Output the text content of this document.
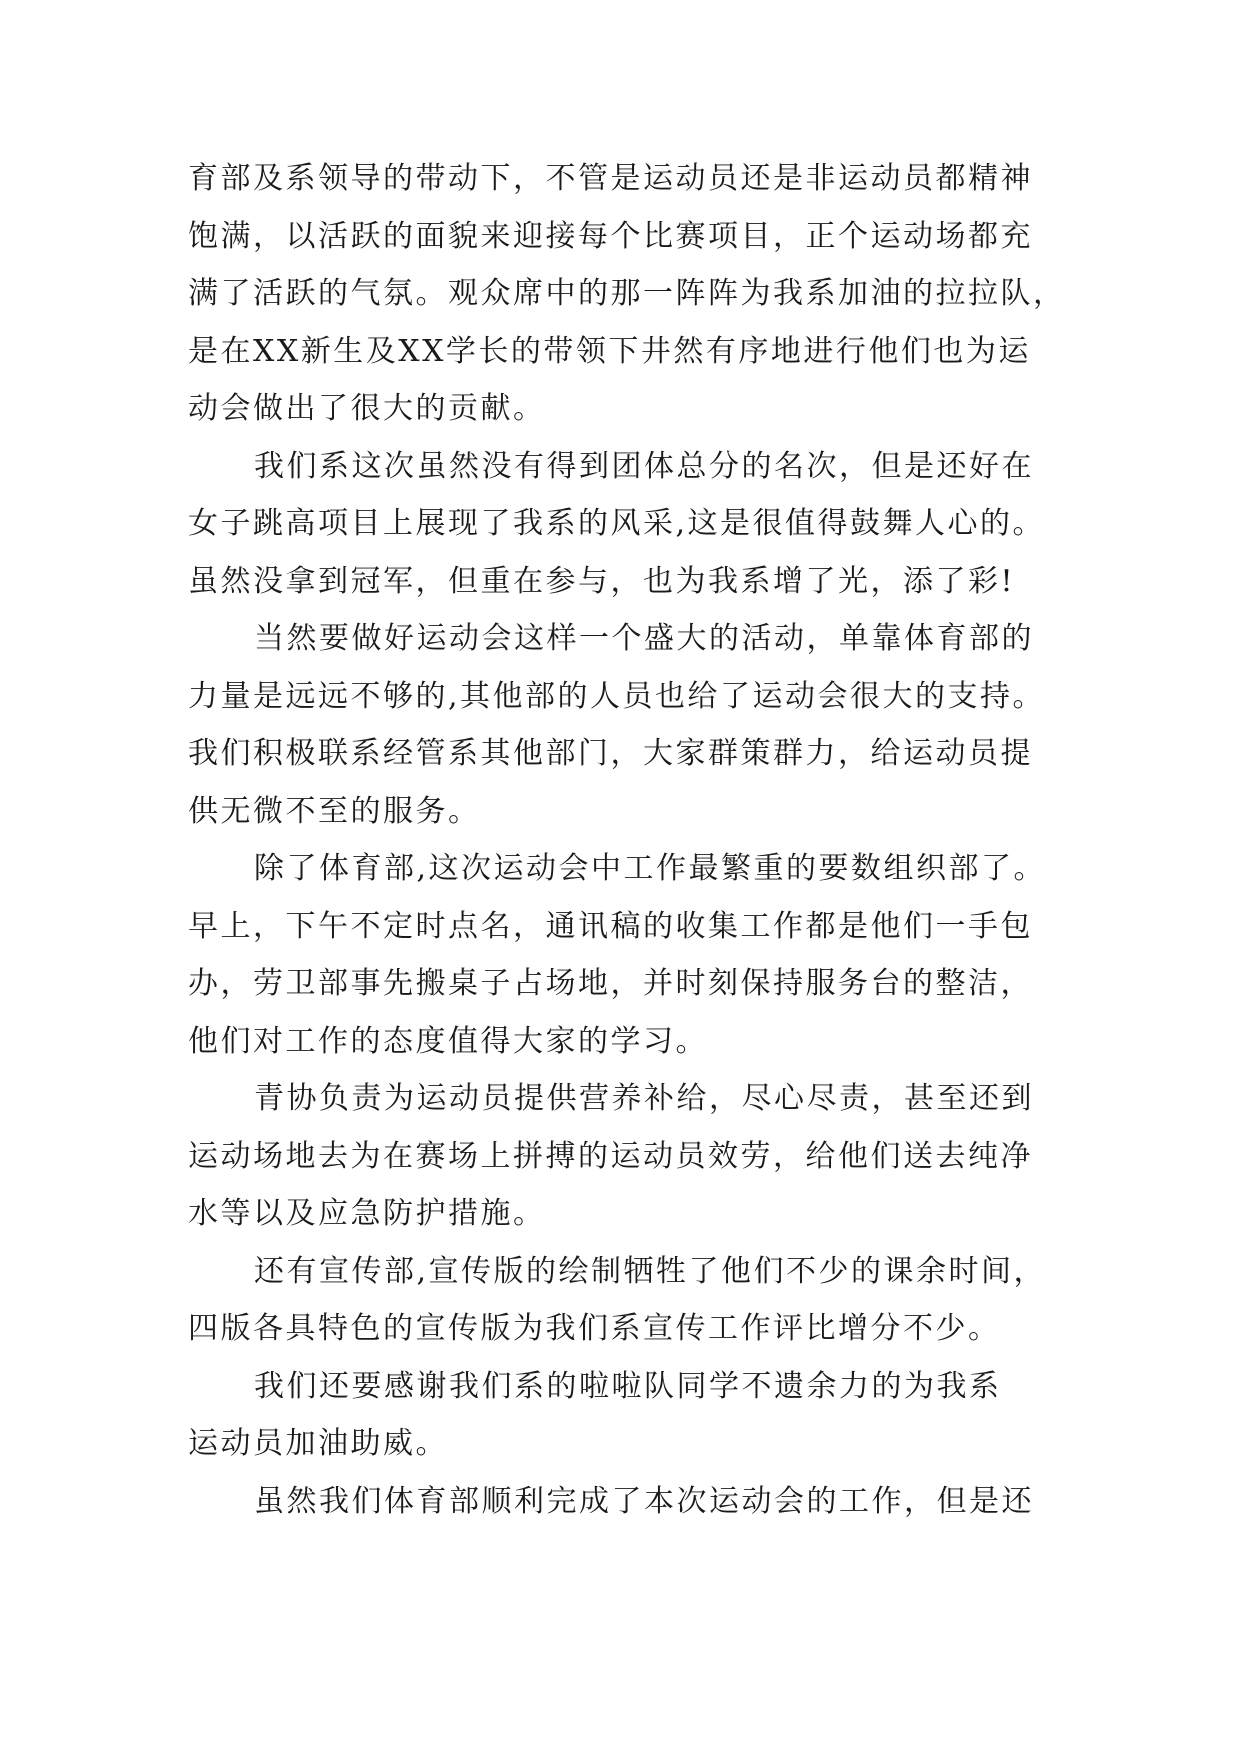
育部及系领导的带动下，不管是运动员还是非运动员都精神
饱满，以活跃的面貌来迎接每个比赛项目，正个运动场都充
满了活跃的气氛。观众席中的那一阵阵为我系加油的拉拉队，
是在XX新生及XX学长的带领下井然有序地进行他们也为运
动会做出了很大的贡献。
我们系这次虽然没有得到团体总分的名次，但是还好在
女子跳高项目上展现了我系的风采,这是很值得鼓舞人心的。
虽然没拿到冠军，但重在参与，也为我系增了光，添了彩!
当然要做好运动会这样一个盛大的活动，单靠体育部的
力量是远远不够的,其他部的人员也给了运动会很大的支持。
我们积极联系经管系其他部门，大家群策群力，给运动员提
供无微不至的服务。
除了体育部,这次运动会中工作最繁重的要数组织部了。
早上，下午不定时点名，通讯稿的收集工作都是他们一手包
办，劳卫部事先搬桌子占场地，并时刻保持服务台的整洁，
他们对工作的态度值得大家的学习。
青协负责为运动员提供营养补给，尽心尽责，甚至还到
运动场地去为在赛场上拼搏的运动员效劳，给他们送去纯净
水等以及应急防护措施。
还有宣传部,宣传版的绘制牺牲了他们不少的课余时间，
四版各具特色的宣传版为我们系宣传工作评比增分不少。
我们还要感谢我们系的啦啦队同学不遗余力的为我系
运动员加油助威。
虽然我们体育部顺利完成了本次运动会的工作，但是还
